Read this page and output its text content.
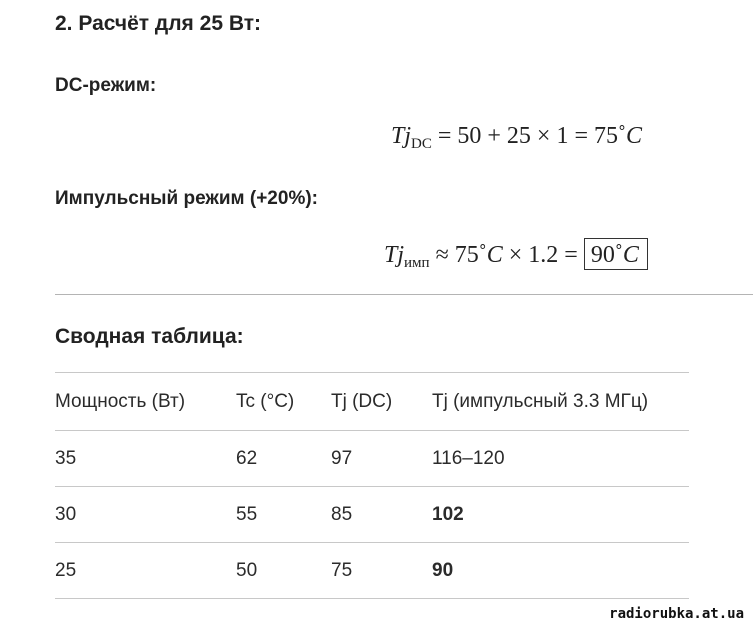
2. Расчёт для 25 Вт:
DC-режим:
$Tj_{DC} = 50 + 25 \times 1$ = 75˚C
Импульсный режим (+20%):
$Tj_{имп}$ ≈ 75˚C × 1.2 = 90˚C
Сводная таблица:
Мощность (Вт)	Tc (°C)	Tj (DC)	Tj (импульсный 3.3 МГц)
35	62	97	116–120
30	55	85	102
25	50	75	90
radiorubka.at.ua
